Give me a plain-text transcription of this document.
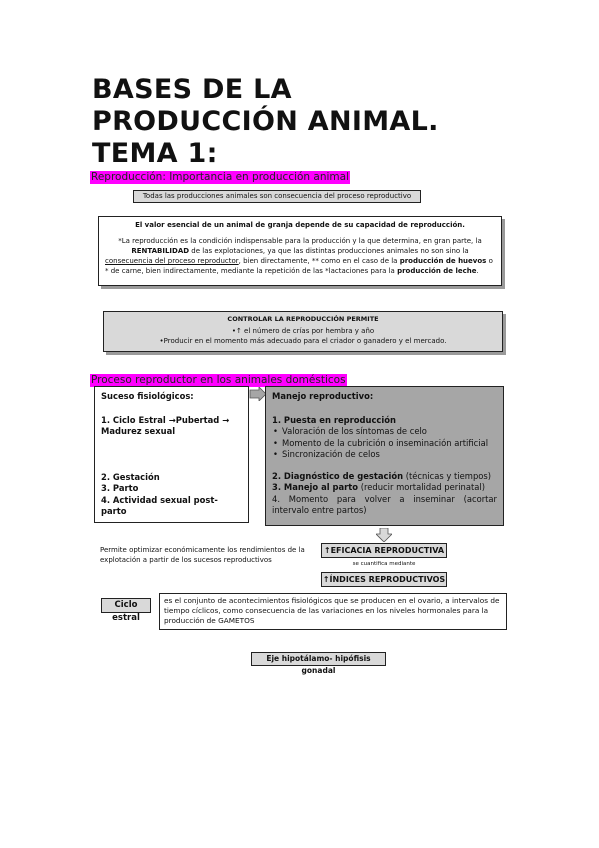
BASES DE LA
PRODUCCIÓN ANIMAL.
TEMA 1:
Reproducción: Importancia en producción animal
Todas las producciones animales son consecuencia del proceso reproductivo
El valor esencial de un animal de granja depende de su capacidad de reproducción.
*La reproducción es la condición indispensable para la producción y la que determina, en gran parte, la
RENTABILIDAD de las explotaciones, ya que las distintas producciones animales no son sino la
consecuencia del proceso reproductor, bien directamente, ** como en el caso de la producción de huevos o
* de carne, bien indirectamente, mediante la repetición de las *lactaciones para la producción de leche.
CONTROLAR LA REPRODUCCIÓN PERMITE
•↑ el número de crías por hembra y año
•Producir en el momento más adecuado para el criador o ganadero y el mercado.
Proceso reproductor en los animales domésticos
Suceso fisiológicos:
1. Ciclo Estral →Pubertad →
Madurez sexual
2. Gestación
3. Parto
4. Actividad sexual post-parto
Manejo reproductivo:
1. Puesta en reproducción
• Valoración de los síntomas de celo
• Momento de la cubrición o inseminación artificial
• Sincronización de celos
2. Diagnóstico de gestación (técnicas y tiempos)
3. Manejo al parto (reducir mortalidad perinatal)
4. Momento para volver a inseminar (acortar intervalo entre partos)
Permite optimizar económicamente los rendimientos de la explotación a partir de los sucesos reproductivos
↑EFICACIA REPRODUCTIVA
se cuantifica mediante
↑ÍNDICES REPRODUCTIVOS
Ciclo estral
es el conjunto de acontecimientos fisiológicos que se producen en el ovario, a intervalos de tiempo cíclicos, como consecuencia de las variaciones en los niveles hormonales para la producción de GAMETOS
Eje hipotálamo- hipófisis gonadal
